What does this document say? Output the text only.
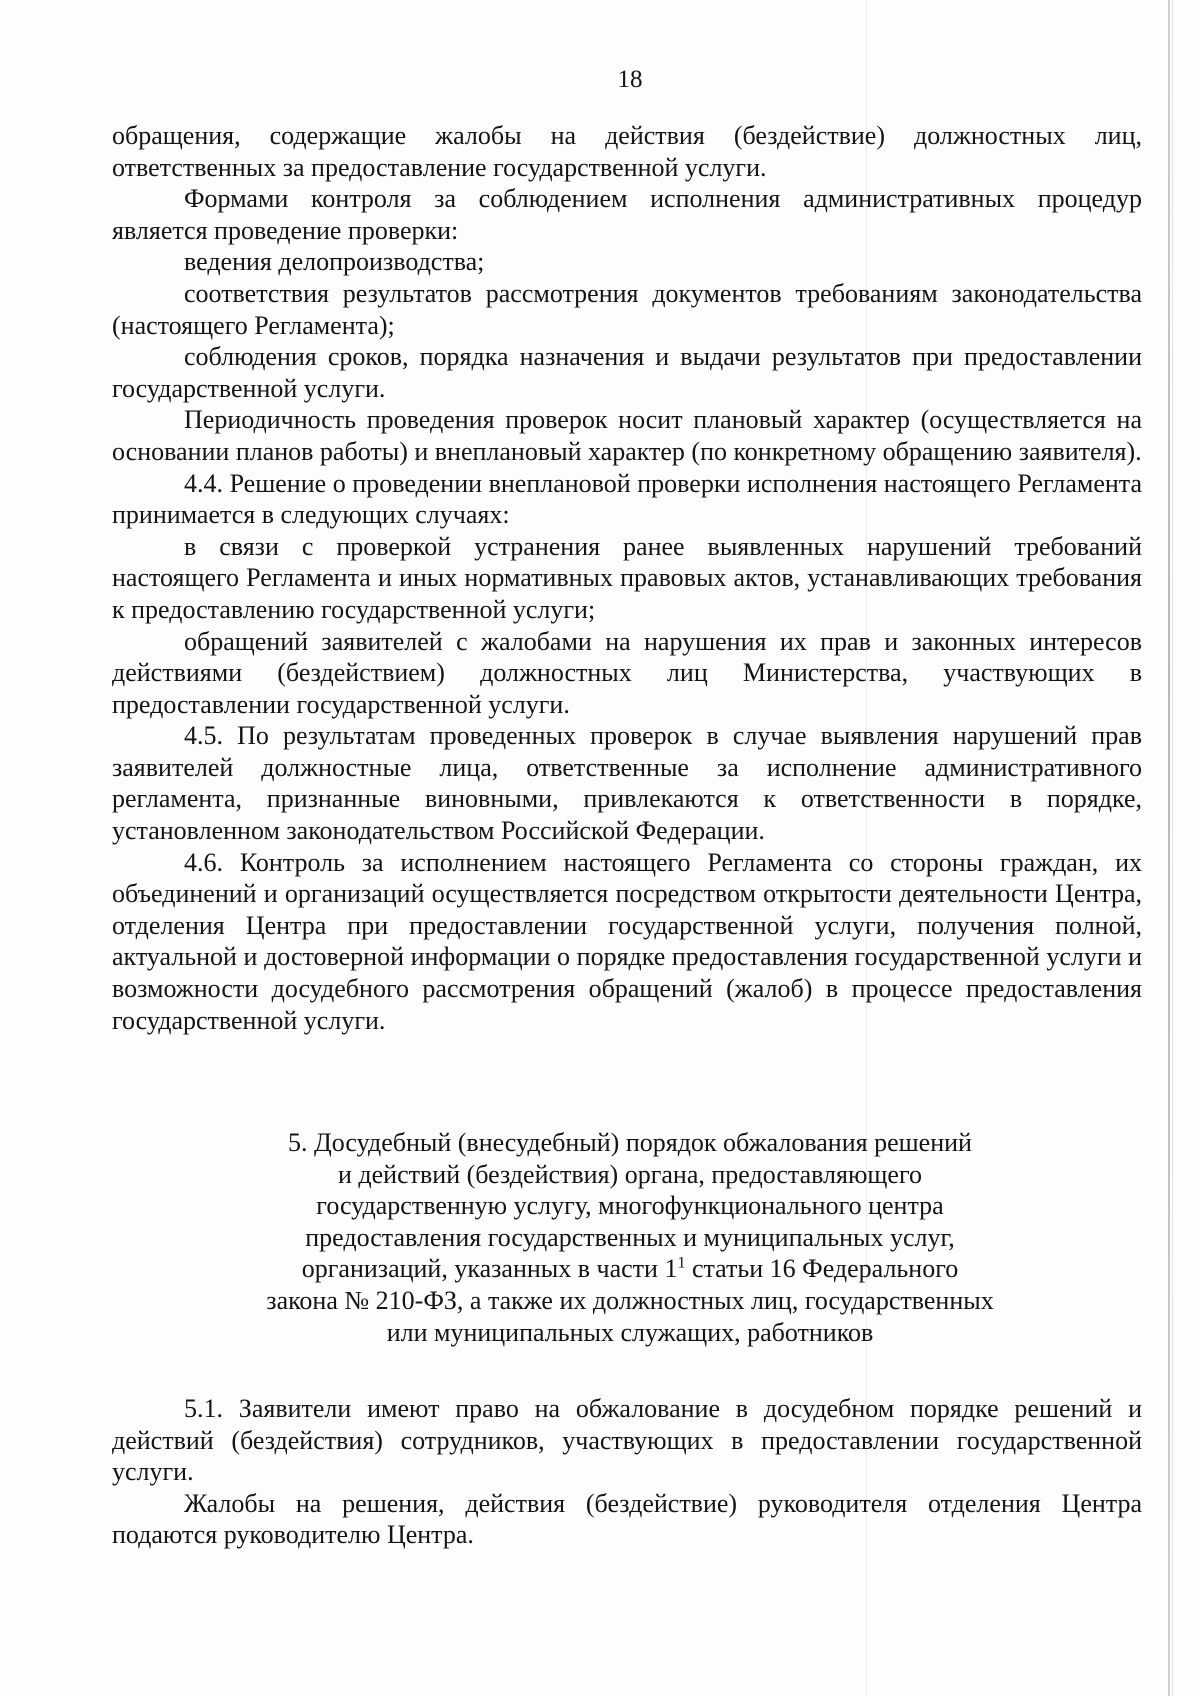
18

обращения, содержащие жалобы на действия (бездействие) должностных лиц, ответственных за предоставление государственной услуги.

Формами контроля за соблюдением исполнения административных процедур является проведение проверки:

ведения делопроизводства;

соответствия результатов рассмотрения документов требованиям законодательства (настоящего Регламента);

соблюдения сроков, порядка назначения и выдачи результатов при предоставлении государственной услуги.

Периодичность проведения проверок носит плановый характер (осуществляется на основании планов работы) и внеплановый характер (по конкретному обращению заявителя).

4.4. Решение о проведении внеплановой проверки исполнения настоящего Регламента принимается в следующих случаях:

в связи с проверкой устранения ранее выявленных нарушений требований настоящего Регламента и иных нормативных правовых актов, устанавливающих требования к предоставлению государственной услуги;

обращений заявителей с жалобами на нарушения их прав и законных интересов действиями (бездействием) должностных лиц Министерства, участвующих в предоставлении государственной услуги.

4.5. По результатам проведенных проверок в случае выявления нарушений прав заявителей должностные лица, ответственные за исполнение административного регламента, признанные виновными, привлекаются к ответственности в порядке, установленном законодательством Российской Федерации.

4.6. Контроль за исполнением настоящего Регламента со стороны граждан, их объединений и организаций осуществляется посредством открытости деятельности Центра, отделения Центра при предоставлении государственной услуги, получения полной, актуальной и достоверной информации о порядке предоставления государственной услуги и возможности досудебного рассмотрения обращений (жалоб) в процессе предоставления государственной услуги.

5. Досудебный (внесудебный) порядок обжалования решений
и действий (бездействия) органа, предоставляющего
государственную услугу, многофункционального центра
предоставления государственных и муниципальных услуг,
организаций, указанных в части $1^1$ статьи 16 Федерального
закона № 210-ФЗ, а также их должностных лиц, государственных
или муниципальных служащих, работников

5.1. Заявители имеют право на обжалование в досудебном порядке решений и действий (бездействия) сотрудников, участвующих в предоставлении государственной услуги.

Жалобы на решения, действия (бездействие) руководителя отделения Центра подаются руководителю Центра.
